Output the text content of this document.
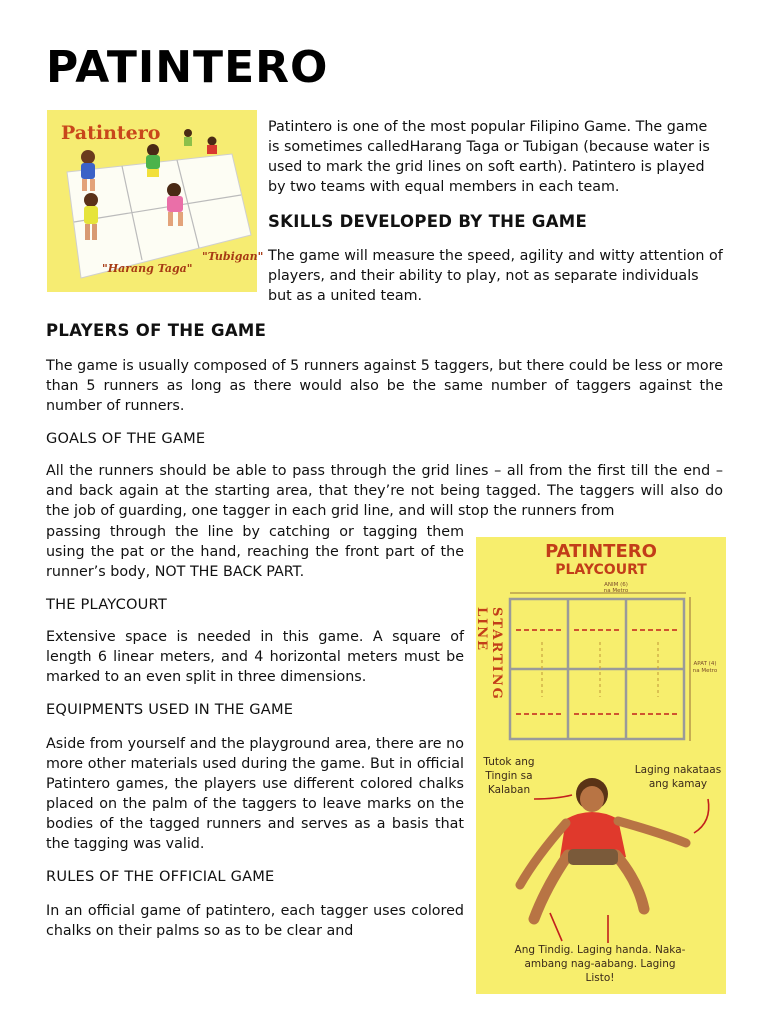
PATINTERO
Patintero
"Harang Taga"
"Tubigan"

Patintero is one of the most popular Filipino Game. The game is sometimes calledHarang Taga or Tubigan (because water is used to mark the grid lines on soft earth). Patintero is played by two teams with equal members in each team.

SKILLS DEVELOPED BY THE GAME

The game will measure the speed, agility and witty attention of players, and their ability to play, not as separate individuals but as a united team.

PLAYERS OF THE GAME

The game is usually composed of 5 runners against 5 taggers, but there could be less or more than 5 runners as long as there would also be the same number of taggers against the number of runners.

GOALS OF THE GAME

All the runners should be able to pass through the grid lines – all from the first till the end – and back again at the starting area, that they’re not being tagged. The taggers will also do the job of guarding, one tagger in each grid line, and will stop the runners from

passing through the line by catching or tagging them using the pat or the hand, reaching the front part of the runner’s body, NOT THE BACK PART.

THE PLAYCOURT

Extensive space is needed in this game. A square of length 6 linear meters, and 4 horizontal meters must be marked to an even split in three dimensions.

EQUIPMENTS USED IN THE GAME

Aside from yourself and the playground area, there are no more other materials used during the game. But in official Patintero games, the players use different colored chalks placed on the palm of the taggers to leave marks on the bodies of the tagged runners and serves as a basis that the tagging was valid.

RULES OF THE OFFICIAL GAME

In an official game of patintero, each tagger uses colored chalks on their palms so as to be clear and

PATINTERO
PLAYCOURT
ANIM (6)
na Metro
APAT (4)
na Metro
STARTING LINE
Tutok ang Tingin sa Kalaban
Laging nakataas ang kamay
Ang Tindig. Laging handa. Naka-ambang nag-aabang. Laging Listo!
